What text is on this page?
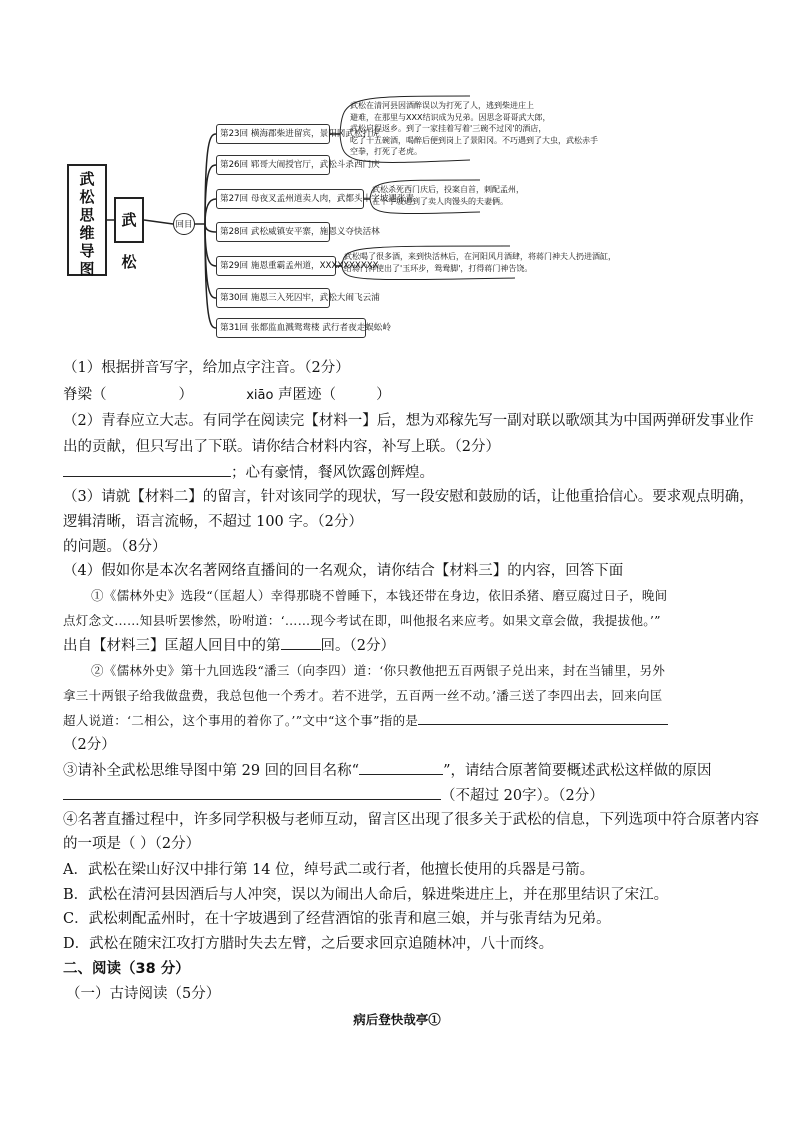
武
松
思
维
导
图
武松
回目
第23回 横海郡柴进留宾，景阳冈武松打虎
第26回 郓哥大闹授官厅，武松斗杀西门庆
第27回 母夜叉孟州道卖人肉，武都头十字坡遇张青
第28回 武松威镇安平寨，施恩义夺快活林
第29回 施恩重霸孟州道，XXXXXXXXXX
第30回 施恩三入死囚牢，武松大闹飞云浦
第31回 张都监血溅鸳鸯楼 武行者夜走蜈蚣岭
武松在清河县因酒醉误以为打死了人，逃到柴进庄上
避难，在那里与XXX结识成为兄弟。因思念哥哥武大郎，
武松启程返乡。到了一家挂着写着'三碗不过冈'的酒店，
吃了十五碗酒，喝醉后便到岗上了景阳冈。不巧遇到了大虫，武松赤手
空拳，打死了老虎。
武松杀死西门庆后，投案自首，刺配孟州，
在十字坡遇到了卖人肉馒头的夫妻俩。
武松喝了很多酒，来到快活林后，在河阳风月酒肆，将蒋门神夫人扔进酒缸，
给蒋门神使出了'玉环步，鸳鸯脚'，打得蒋门神告饶。
（1）根据拼音写字，给加点字注音。（2分）
脊梁（	）	xiāo 声匿迹（	）
（2）青春应立大志。有同学在阅读完【材料一】后，想为邓稼先写一副对联以歌颂其为中国两弹研发事业作
出的贡献，但只写出了下联。请你结合材料内容，补写上联。（2分）
；心有豪情，餐风饮露创辉煌。
（3）请就【材料二】的留言，针对该同学的现状，写一段安慰和鼓励的话，让他重拾信心。要求观点明确，
逻辑清晰，语言流畅，不超过 100 字。（2分）
的问题。（8分）
（4）假如你是本次名著网络直播间的一名观众，请你结合【材料三】的内容，回答下面
①《儒林外史》选段“（匡超人）幸得那晓不曾睡下，本钱还带在身边，依旧杀猪、磨豆腐过日子，晚间
点灯念文……知县听罢惨然，吩咐道：‘……现今考试在即，叫他报名来应考。如果文章会做，我提拔他。’”
出自【材料三】匡超人回目中的第	回。（2分）
②《儒林外史》第十九回选段“潘三（向李四）道：‘你只教他把五百两银子兑出来，封在当铺里，另外
拿三十两银子给我做盘费，我总包他一个秀才。若不进学，五百两一丝不动。’潘三送了李四出去，回来向匡
超人说道：‘二相公，这个事用的着你了。’”文中“这个事”指的是
（2分）
③请补全武松思维导图中第 29 回的回目名称“	”，请结合原著简要概述武松这样做的原因
（不超过 20字）。（2分）
④名著直播过程中，许多同学积极与老师互动，留言区出现了很多关于武松的信息，下列选项中符合原著内容
的一项是（ ）（2分）
A．武松在梁山好汉中排行第 14 位，绰号武二或行者，他擅长使用的兵器是弓箭。
B．武松在清河县因酒后与人冲突，误以为闹出人命后，躲进柴进庄上，并在那里结识了宋江。
C．武松刺配孟州时，在十字坡遇到了经营酒馆的张青和扈三娘，并与张青结为兄弟。
D．武松在随宋江攻打方腊时失去左臂，之后要求回京追随林冲，八十而终。
二、阅读（38 分）
（一）古诗阅读（5分）
病后登快哉亭①
